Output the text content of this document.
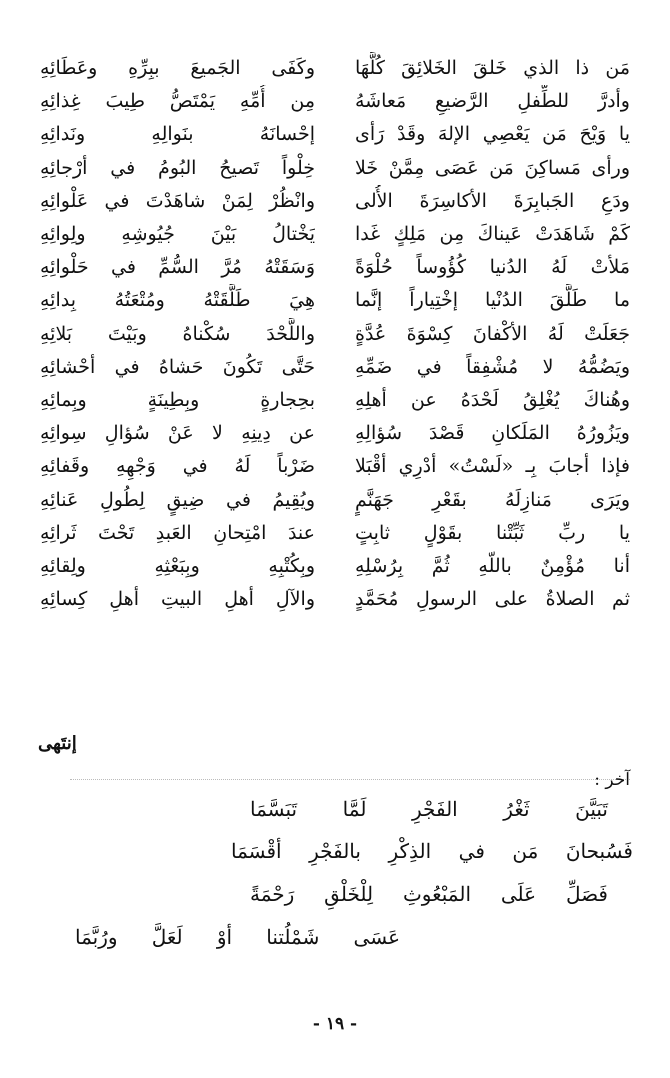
مَن ذا الذي خَلقَ الخَلائِقَ كُلَّهَا
وكَفَى الجَميعَ ببِرِّهِ وعَطَائِهِ
وأدرَّ للطِّفلِ الرَّضيعِ مَعاشَهُ
مِن أُمِّهِ يَمْتَصُّ طِيبَ غِذائِهِ
يا وَيْحَ مَن يَعْصِي الإلهَ وقَدْ رَأى
إحْسانَهُ بنَوالِهِ ونَدائِهِ
ورأى مَساكِنَ مَن عَصَى مِمَّنْ خَلا
خِلْواً تَصيحُ البُومُ في أرْجائِهِ
ودَعِ الجَبابِرَةَ الأكاسِرَةَ الأُلى
وانْظُرْ لِمَنْ شاهَدْتَ في عَلْوائِهِ
كَمْ شَاهَدَتْ عَيناكَ مِن مَلِكٍ غَدا
يَخْتالُ بَيْنَ جُيُوشِهِ ولِوائِهِ
مَلأتْ لَهُ الدُنيا كُؤُوساً حُلْوَةً
وَسَقَتْهُ مُرَّ السُّمِّ في حَلْوائِهِ
ما طَلَّقَ الدُنْيا إخْتِياراً إنَّما
هِيَ طَلَّقَتْهُ ومُتْعَتُهُ بِدائِهِ
جَعَلَتْ لَهُ الأكْفانَ كِسْوَةَ عُدَّةٍ
واللَّحْدَ سُكْناهُ وبَيْتَ بَلائِهِ
ويَضُمُّهُ لا مُشْفِقاً في ضَمِّهِ
حَتَّى تَكُونَ حَشاهُ في أحْشائِهِ
وهُناكَ يُغْلِقُ لَحْدَهُ عن أهلِهِ
بحِجارةٍ وبِطِينَةٍ وبِمائِهِ
ويَزُورُهُ المَلَكانِ قَصْدَ سُؤالِهِ
عن دِينِهِ لا عَنْ سُؤالِ سِوائِهِ
فإذا أجابَ بِـ «لَسْتُ» أدْرِي أقْبَلا
ضَرْباً لَهُ في وَجْهِهِ وقَفائِهِ
ويَرَى مَنازِلَهُ بقَعْرِ جَهَنَّمٍ
ويُقِيمُ في ضِيقٍ لِطُولِ عَنائِهِ
يا ربِّ ثَبِّتْنا بقَوْلٍ ثابِتٍ
عندَ امْتِحانِ العَبدِ تَحْتَ ثَرائِهِ
أنا مُؤْمِنٌ باللّهِ ثُمَّ بِرُسْلِهِ
وبِكُتْبِهِ وبِبَعْثِهِ ولِقائِهِ
ثم الصلاةُ على الرسولِ مُحَمَّدٍ
والآلِ أهلِ البيتِ أهلِ كِسائِهِ
إنتَهى
آخر :
تَبَيَّنَ ثَغْرُ الفَجْرِ لَمَّا تَبَسَّمَا
فَسُبحانَ مَن في الذِكْرِ بالفَجْرِ أقْسَمَا
فَصَلِّ عَلَى المَبْعُوثِ لِلْخَلْقِ رَحْمَةً
عَسَى شَمْلُتنا أوْ لَعَلَّ ورُبَّمَا
- ١٩ -
